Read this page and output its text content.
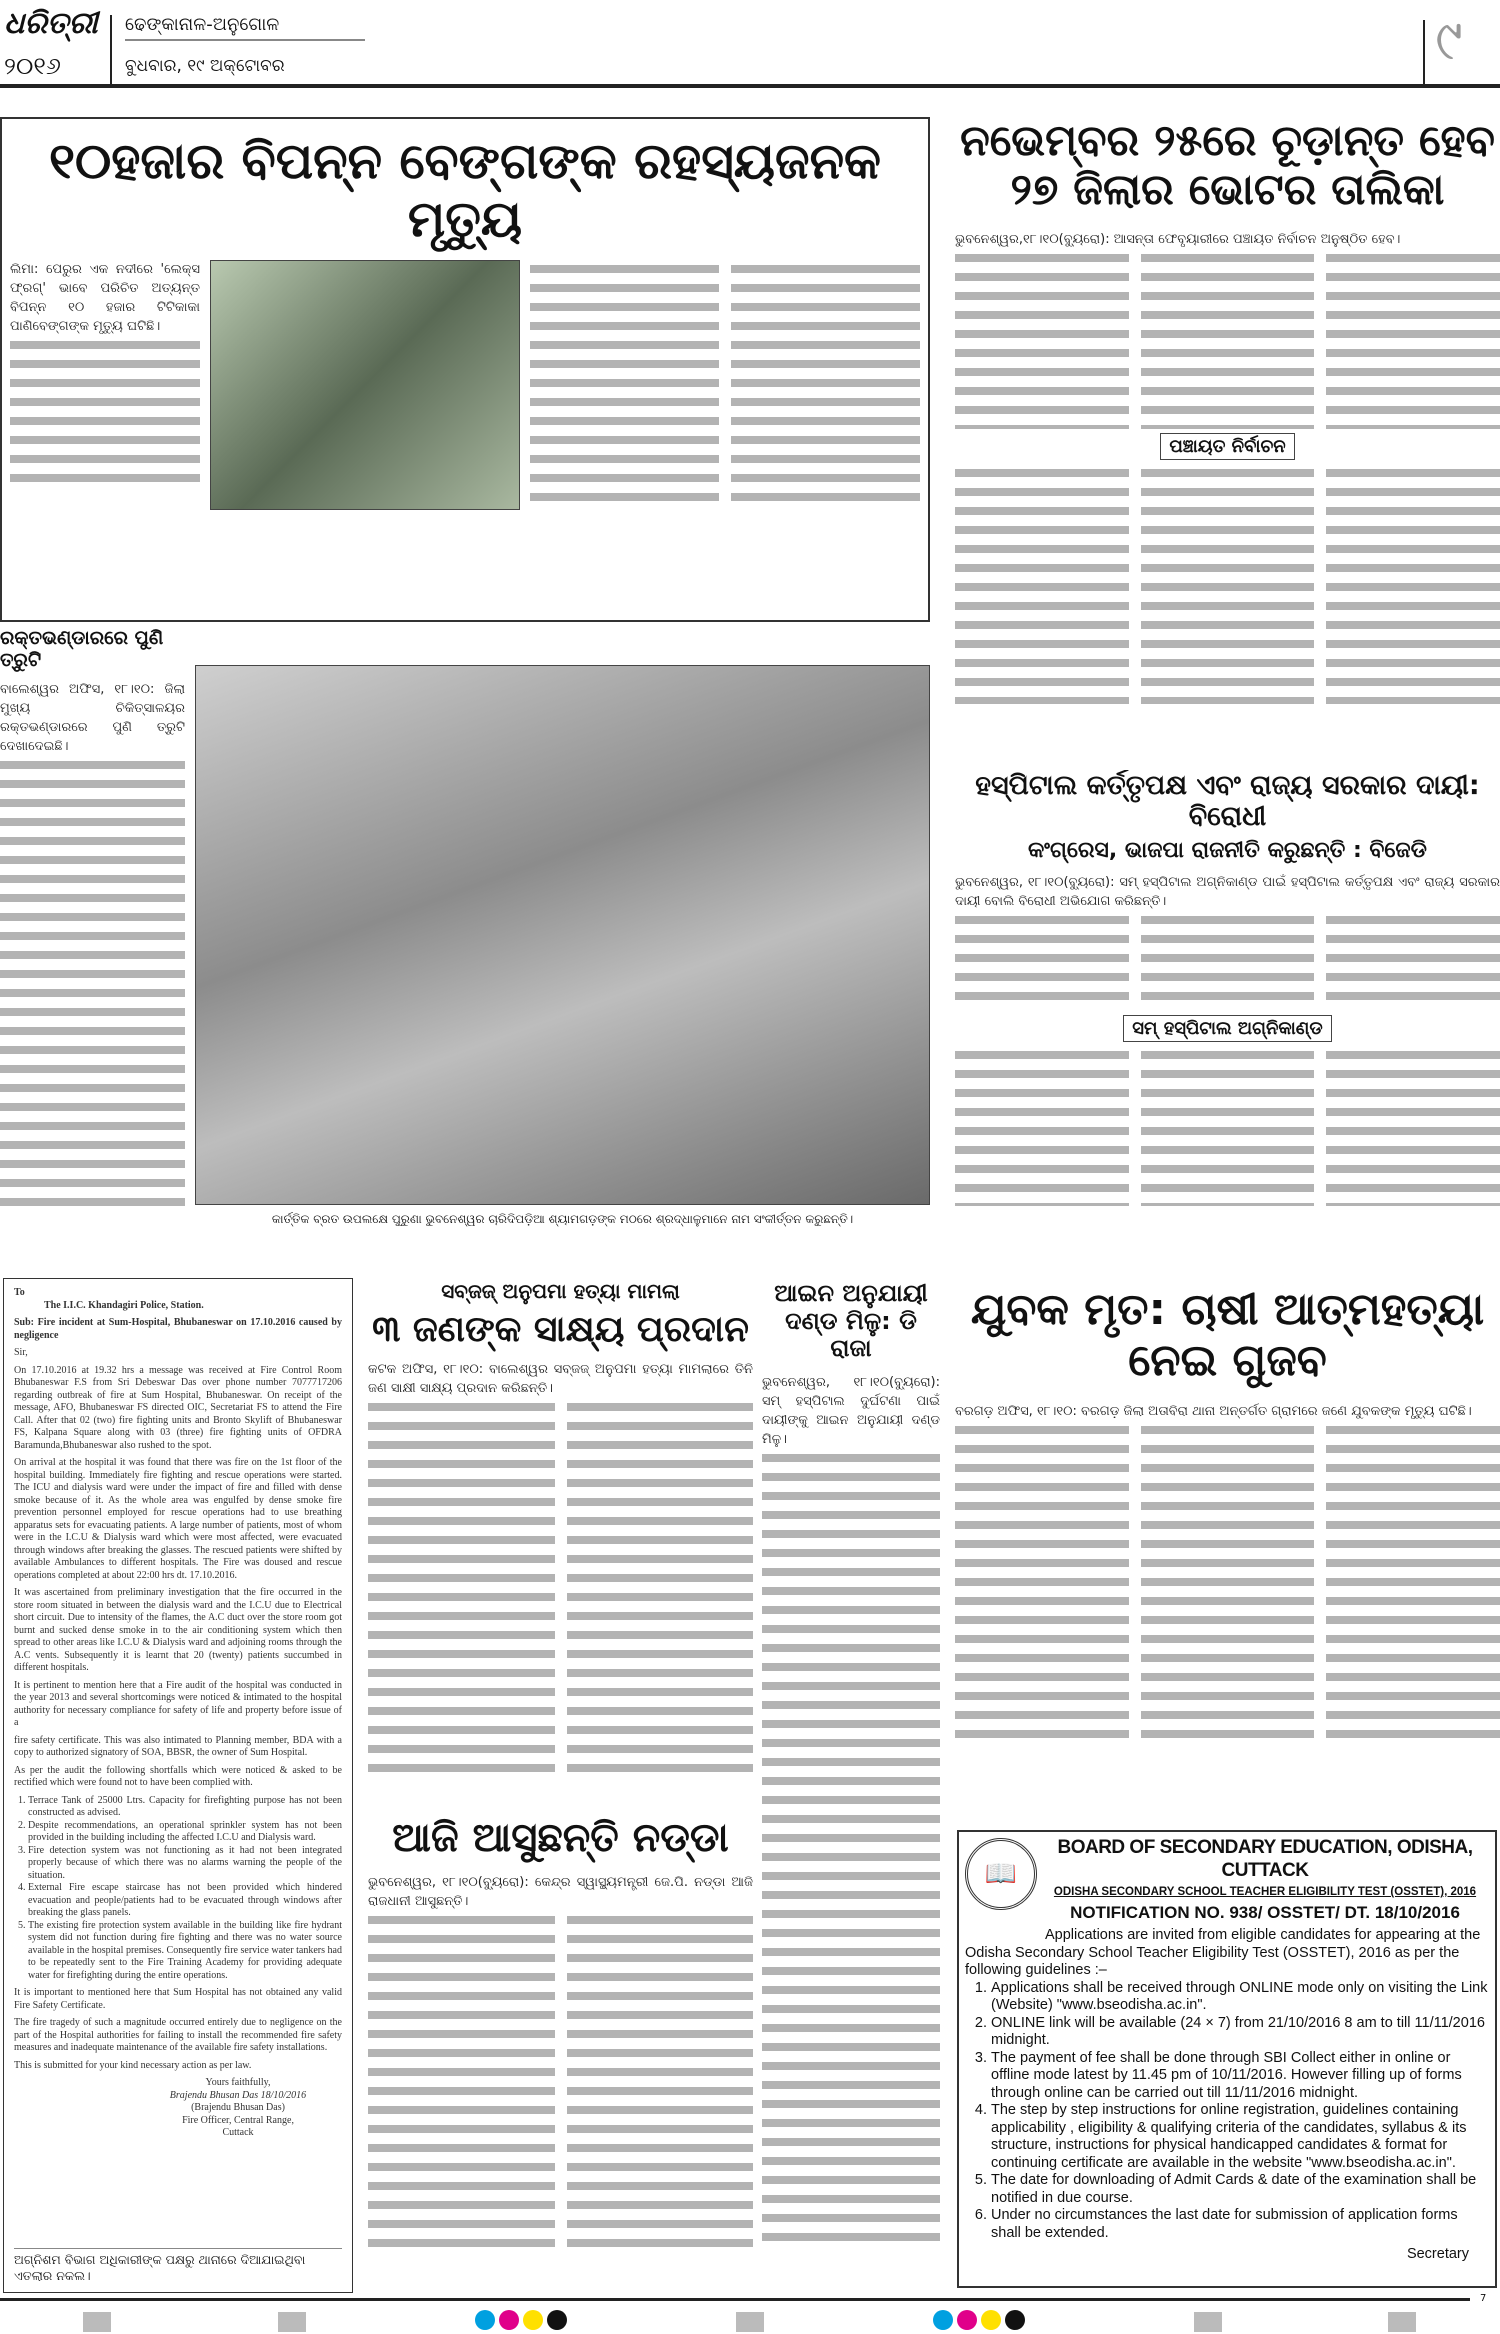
ଧରିତ୍ରୀ
୨୦୧୬
ଢେଙ୍କାନାଳ-ଅନୁଗୋଳ
ବୁଧବାର, ୧୯ ଅକ୍ଟୋବର	୯
୧୦ହଜାର ବିପନ୍ନ ବେଙ୍ଗଙ୍କ ରହସ୍ୟଜନକ ମୃତ୍ୟୁ
ଲିମା: ପେରୁର ଏକ ନଦୀରେ 'ଲେକ୍‌ସ ଫ୍ରଗ୍' ଭାବେ ପରିଚିତ ଅତ୍ୟନ୍ତ ବିପନ୍ନ ୧୦ ହଜାର ଟିଟିକାକା ପାଣିବେଙ୍ଗଙ୍କ ମୃତ୍ୟୁ ଘଟିଛି।
ନଭେମ୍ବର ୨୫ରେ ଚୂଡ଼ାନ୍ତ ହେବ ୨୭ ଜିଲାର ଭୋଟର ତାଲିକା
ଭୁବନେଶ୍ୱର,୧୮।୧୦(ବ୍ୟୁରୋ): ଆସନ୍ତା ଫେବୃୟାରୀରେ ପଞ୍ଚାୟତ ନିର୍ବାଚନ ଅନୁଷ୍ଠିତ ହେବ।
ପଞ୍ଚାୟତ ନିର୍ବାଚନ
ରକ୍ତଭଣ୍ଡାରରେ ପୁଣି ତ୍ରୁଟି
ବାଲେଶ୍ୱର ଅଫିସ, ୧୮।୧୦: ଜିଲା ମୁଖ୍ୟ ଚିକିତ୍ସାଳୟର ରକ୍ତଭଣ୍ଡାରରେ ପୁଣି ତ୍ରୁଟି ଦେଖାଦେଇଛି।
କାର୍ତ୍ତିକ ବ୍ରତ ଉପଲକ୍ଷେ ପୁରୁଣା ଭୁବନେଶ୍ୱର ଚାରିଦିପଡ଼ିଆ ଶ୍ୟାମଗଡ଼ଙ୍କ ମଠରେ ଶ୍ରଦ୍ଧାଳୁମାନେ ନାମ ସଂକୀର୍ତ୍ତନ କରୁଛନ୍ତି।
ହସ୍ପିଟାଲ କର୍ତ୍ତୃପକ୍ଷ ଏବଂ ରାଜ୍ୟ ସରକାର ଦାୟୀ: ବିରୋଧୀ
କଂଗ୍ରେସ, ଭାଜପା ରାଜନୀତି କରୁଛନ୍ତି : ବିଜେଡି
ଭୁବନେଶ୍ୱର, ୧୮।୧୦(ବ୍ୟୁରୋ): ସମ୍ ହସ୍ପିଟାଲ ଅଗ୍ନିକାଣ୍ଡ ପାଇଁ ହସ୍ପିଟାଲ କର୍ତ୍ତୃପକ୍ଷ ଏବଂ ରାଜ୍ୟ ସରକାର ଦାୟୀ ବୋଲି ବିରୋଧୀ ଅଭିଯୋଗ କରିଛନ୍ତି।
ସମ୍ ହସ୍ପିଟାଲ ଅଗ୍ନିକାଣ୍ଡ

To
The I.I.C. Khandagiri Police, Station.

Sub: Fire incident at Sum-Hospital, Bhubaneswar on 17.10.2016 caused by negligence

Sir,

On 17.10.2016 at 19.32 hrs a message was received at Fire Control Room Bhubaneswar F.S from Sri Debeswar Das over phone number 7077717206 regarding outbreak of fire at Sum Hospital, Bhubaneswar. On receipt of the message, AFO, Bhubaneswar FS directed OIC, Secretariat FS to attend the Fire Call. After that 02 (two) fire fighting units and Bronto Skylift of Bhubaneswar FS, Kalpana Square along with 03 (three) fire fighting units of OFDRA Baramunda,Bhubaneswar also rushed to the spot.

On arrival at the hospital it was found that there was fire on the 1st floor of the hospital building. Immediately fire fighting and rescue operations were started. The ICU and dialysis ward were under the impact of fire and filled with dense smoke because of it. As the whole area was engulfed by dense smoke fire prevention personnel employed for rescue operations had to use breathing apparatus sets for evacuating patients. A large number of patients, most of whom were in the I.C.U & Dialysis ward which were most affected, were evacuated through windows after breaking the glasses. The rescued patients were shifted by available Ambulances to different hospitals. The Fire was doused and rescue operations completed at about 22:00 hrs dt. 17.10.2016.

It was ascertained from preliminary investigation that the fire occurred in the store room situated in between the dialysis ward and the I.C.U due to Electrical short circuit. Due to intensity of the flames, the A.C duct over the store room got burnt and sucked dense smoke in to the air conditioning system which then spread to other areas like I.C.U & Dialysis ward and adjoining rooms through the A.C vents. Subsequently it is learnt that 20 (twenty) patients succumbed in different hospitals.

It is pertinent to mention here that a Fire audit of the hospital was conducted in the year 2013 and several shortcomings were noticed & intimated to the hospital authority for necessary compliance for safety of life and property before issue of a

fire safety certificate. This was also intimated to Planning member, BDA with a copy to authorized signatory of SOA, BBSR, the owner of Sum Hospital.

As per the audit the following shortfalls which were noticed & asked to be rectified which were found not to have been complied with.

1. Terrace Tank of 25000 Ltrs. Capacity for firefighting purpose has not been constructed as advised.
2. Despite recommendations, an operational sprinkler system has not been provided in the building including the affected I.C.U and Dialysis ward.
3. Fire detection system was not functioning as it had not been integrated properly because of which there was no alarms warning the people of the situation.
4. External Fire escape staircase has not been provided which hindered evacuation and people/patients had to be evacuated through windows after breaking the glass panels.
5. The existing fire protection system available in the building like fire hydrant system did not function during fire fighting and there was no water source available in the hospital premises. Consequently fire service water tankers had to be repeatedly sent to the Fire Training Academy for providing adequate water for firefighting during the entire operations.

It is important to mentioned here that Sum Hospital has not obtained any valid Fire Safety Certificate.

The fire tragedy of such a magnitude occurred entirely due to negligence on the part of the Hospital authorities for failing to install the recommended fire safety measures and inadequate maintenance of the available fire safety installations.

This is submitted for your kind necessary action as per law.

Yours faithfully,
Brajendu Bhusan Das 18/10/2016
(Brajendu Bhusan Das)
Fire Officer, Central Range,
Cuttack
ଅଗ୍ନିଶମ ବିଭାଗ ଅଧିକାରୀଙ୍କ ପକ୍ଷରୁ ଥାନାରେ ଦିଆଯାଇଥିବା ଏତଲାର ନକଲ।
ସବ୍‌ଜଜ୍ ଅନୁପମା ହତ୍ୟା ମାମଲା
୩ ଜଣଙ୍କ ସାକ୍ଷ୍ୟ ପ୍ରଦାନ
କଟକ ଅଫିସ, ୧୮।୧୦: ବାଲେଶ୍ୱର ସବ୍‌ଜଜ୍ ଅନୁପମା ହତ୍ୟା ମାମଲାରେ ତିନି ଜଣ ସାକ୍ଷୀ ସାକ୍ଷ୍ୟ ପ୍ରଦାନ କରିଛନ୍ତି।
ଆଜି ଆସୁଛନ୍ତି ନଡ୍ଡା
ଭୁବନେଶ୍ୱର, ୧୮।୧୦(ବ୍ୟୁରୋ): କେନ୍ଦ୍ର ସ୍ୱାସ୍ଥ୍ୟମନ୍ତ୍ରୀ ଜେ.ପି. ନଡ୍ଡା ଆଜି ରାଜଧାନୀ ଆସୁଛନ୍ତି।
ଆଇନ ଅନୁଯାୟୀ ଦଣ୍ଡ ମିଳୁ: ଡି ରାଜା
ଭୁବନେଶ୍ୱର, ୧୮।୧୦(ବ୍ୟୁରୋ): ସମ୍ ହସ୍ପିଟାଲ ଦୁର୍ଘଟଣା ପାଇଁ ଦାୟୀଙ୍କୁ ଆଇନ ଅନୁଯାୟୀ ଦଣ୍ଡ ମିଳୁ।
ଯୁବକ ମୃତ: ଚାଷୀ ଆତ୍ମହତ୍ୟା ନେଇ ଗୁଜବ
ବରଗଡ଼ ଅଫିସ, ୧୮।୧୦: ବରଗଡ଼ ଜିଲା ଅତାବିରା ଥାନା ଅନ୍ତର୍ଗତ ଗ୍ରାମରେ ଜଣେ ଯୁବକଙ୍କ ମୃତ୍ୟୁ ଘଟିଛି।
📖
BOARD OF SECONDARY EDUCATION, ODISHA, CUTTACK
ODISHA SECONDARY SCHOOL TEACHER ELIGIBILITY TEST (OSSTET), 2016
NOTIFICATION NO. 938/ OSSTET/ DT. 18/10/2016
Applications are invited from eligible candidates for appearing at the Odisha Secondary School Teacher Eligibility Test (OSSTET), 2016 as per the following guidelines :–
1. Applications shall be received through ONLINE mode only on visiting the Link (Website) "www.bseodisha.ac.in".
2. ONLINE link will be available (24 × 7) from 21/10/2016 8 am to till 11/11/2016 midnight.
3. The payment of fee shall be done through SBI Collect either in online or offline mode latest by 11.45 pm of 10/11/2016. However filling up of forms through online can be carried out till 11/11/2016 midnight.
4. The step by step instructions for online registration, guidelines containing applicability , eligibility & qualifying criteria of the candidates, syllabus & its structure, instructions for physical handicapped candidates & format for continuing certificate are available in the website "www.bseodisha.ac.in".
5. The date for downloading of Admit Cards & date of the examination shall be notified in due course.
6. Under no circumstances the last date for submission of application forms shall be extended.
Secretary
7
